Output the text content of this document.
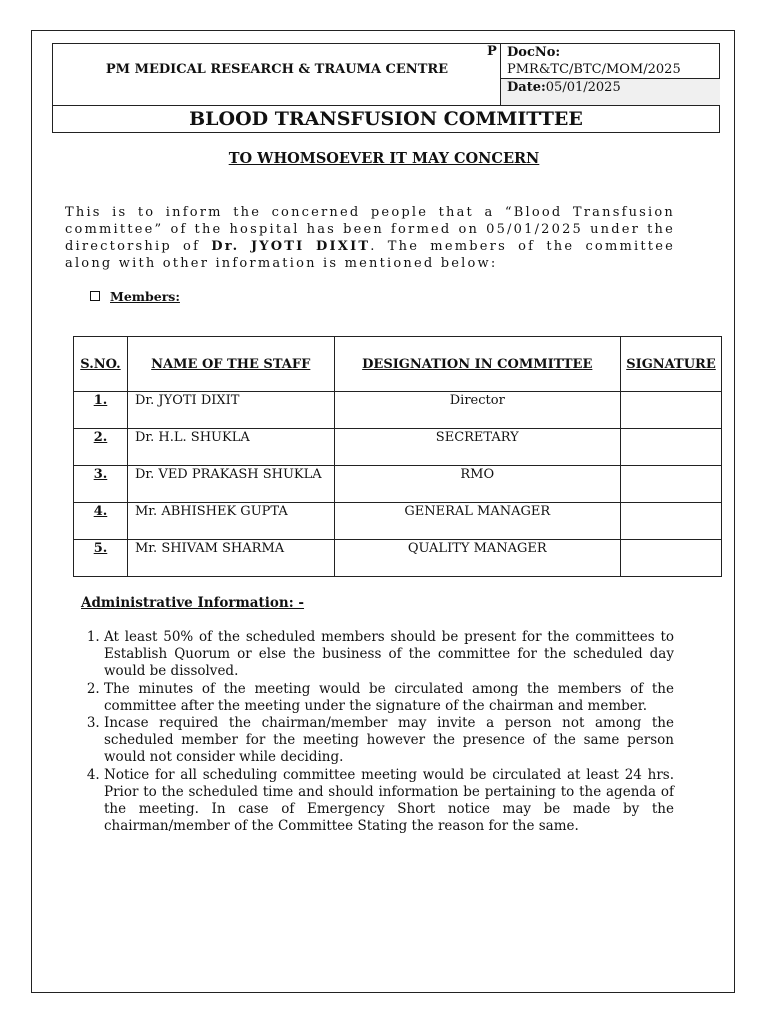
PM MEDICAL RESEARCH & TRAUMA CENTRE
P DocNo:
PMR&TC/BTC/MOM/2025
Date:05/01/2025
BLOOD TRANSFUSION COMMITTEE
TO WHOMSOEVER IT MAY CONCERN
This is to inform the concerned people that a “Blood Transfusion committee” of the hospital has been formed on 05/01/2025 under the directorship of Dr. JYOTI DIXIT. The members of the committee along with other information is mentioned below:
Members:
S.NO.	NAME OF THE STAFF	DESIGNATION IN COMMITTEE	SIGNATURE
1.	Dr. JYOTI DIXIT	Director	
2.	Dr. H.L. SHUKLA	SECRETARY	
3.	Dr. VED PRAKASH SHUKLA	RMO	
4.	Mr. ABHISHEK GUPTA	GENERAL MANAGER	
5.	Mr. SHIVAM SHARMA	QUALITY MANAGER	
Administrative Information: -
1. At least 50% of the scheduled members should be present for the committees to Establish Quorum or else the business of the committee for the scheduled day would be dissolved.
2. The minutes of the meeting would be circulated among the members of the committee after the meeting under the signature of the chairman and member.
3. Incase required the chairman/member may invite a person not among the scheduled member for the meeting however the presence of the same person would not consider while deciding.
4. Notice for all scheduling committee meeting would be circulated at least 24 hrs. Prior to the scheduled time and should information be pertaining to the agenda of the meeting. In case of Emergency Short notice may be made by the chairman/member of the Committee Stating the reason for the same.
